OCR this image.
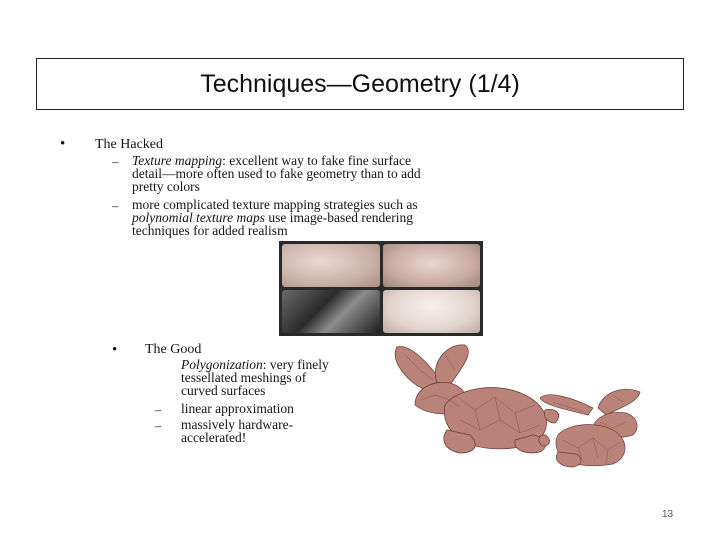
Techniques—Geometry (1/4)
• The Hacked
– Texture mapping: excellent way to fake fine surface
detail—more often used to fake geometry than to add
pretty colors
– more complicated texture mapping strategies such as
polynomial texture maps use image-based rendering
techniques for added realism
• The Good
Polygonization: very finely
tessellated meshings of
curved surfaces
– linear approximation
– massively hardware-
accelerated!
13
